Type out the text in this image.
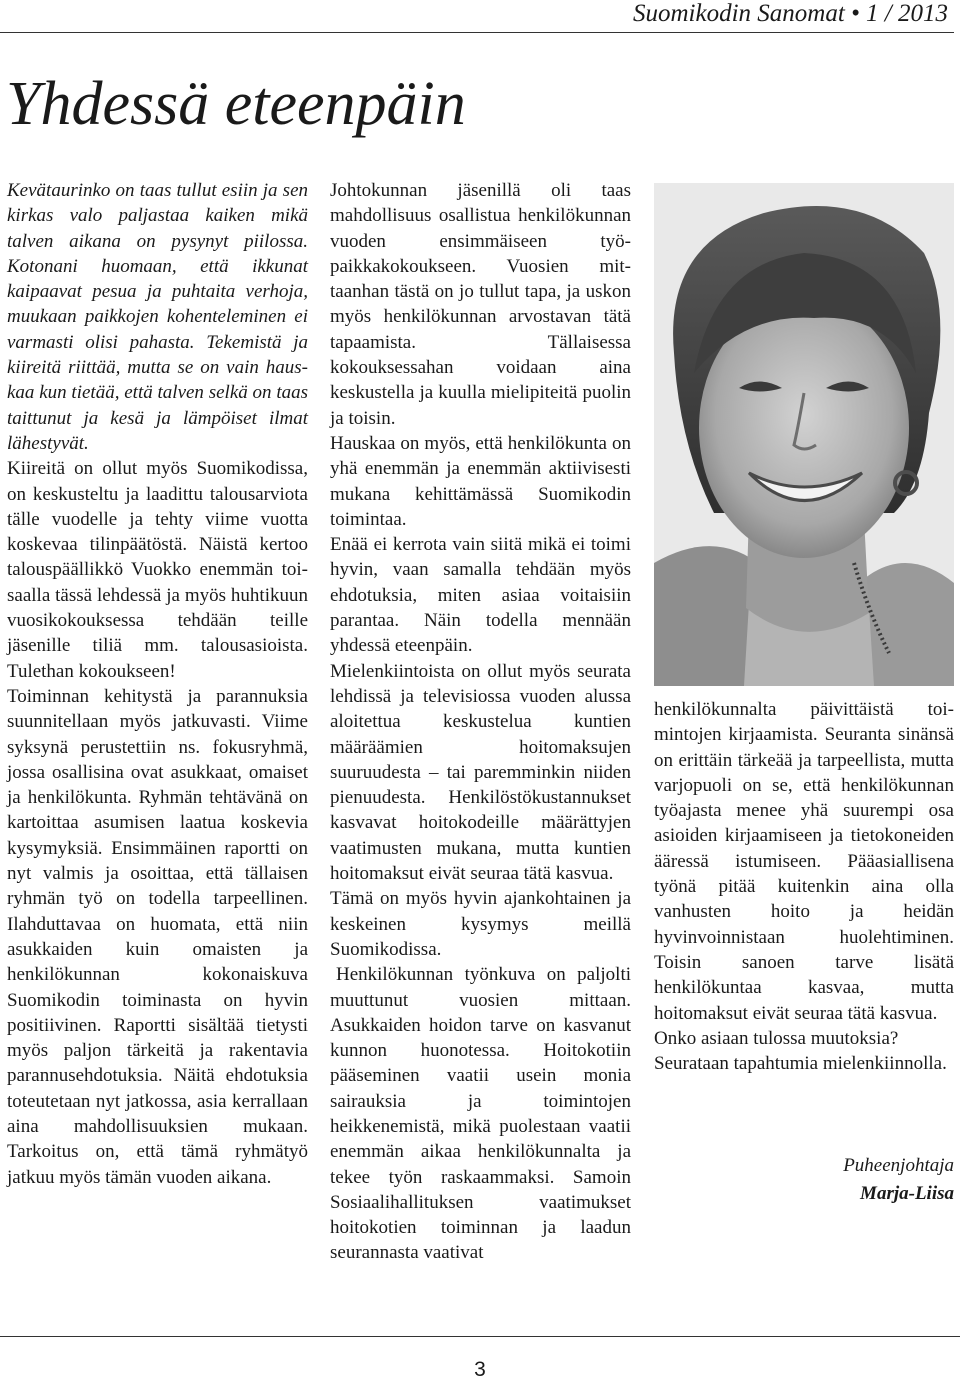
Suomikodin Sanomat • 1 / 2013
Yhdessä eteenpäin

Kevätaurinko on taas tullut esiin ja sen kirkas valo paljastaa kaiken mikä talven aikana on pysynyt piilossa. Kotonani huomaan, että ikkunat kaipaavat pesua ja puhtaita verhoja, muukaan paikkojen kohenteleminen ei varmasti olisi pahasta. Tekemistä ja kiireitä riittää, mutta se on vain hauskaa kun tietää, että talven selkä on taas taittunut ja kesä ja lämpöiset ilmat lähestyvät.

Kiireitä on ollut myös Suomikodissa, on keskusteltu ja laadittu talousarviota tälle vuodelle ja tehty viime vuotta koskevaa tilinpäätöstä. Näistä kertoo talouspäällikkö Vuokko enemmän toisaalla tässä lehdessä ja myös huhtikuun vuosikokouksessa tehdään teille jäsenille tiliä mm. talousasioista. Tulethan kokoukseen!

Toiminnan kehitystä ja parannuksia suunnitellaan myös jatkuvasti. Viime syksynä perustettiin ns. fokusryhmä, jossa osallisina ovat asukkaat, omaiset ja henkilökunta. Ryhmän tehtävänä on kartoittaa asumisen laatua koskevia kysymyksiä. Ensimmäinen raportti on nyt valmis ja osoittaa, että tällaisen ryhmän työ on todella tarpeellinen. Ilahduttavaa on huomata, että niin asukkaiden kuin omaisten ja henkilökunnan kokonaiskuva Suomikodin toiminasta on hyvin positiivinen. Raportti sisältää tietysti myös paljon tärkeitä ja rakentavia parannusehdotuksia. Näitä ehdotuksia toteutetaan nyt jatkossa, asia kerrallaan aina mahdollisuuksien mukaan. Tarkoitus on, että tämä ryhmätyö jatkuu myös tämän vuoden aikana.

Johtokunnan jäsenillä oli taas mahdollisuus osallistua henkilökunnan vuoden ensimmäiseen työpaikkakokoukseen. Vuosien mittaanhan tästä on jo tullut tapa, ja uskon myös henkilökunnan arvostavan tätä tapaamista. Tällaisessa kokouksessahan voidaan aina keskustella ja kuulla mielipiteitä puolin ja toisin.

Hauskaa on myös, että henkilökunta on yhä enemmän ja enemmän aktiivisesti mukana kehittämässä Suomikodin toimintaa.

Enää ei kerrota vain siitä mikä ei toimi hyvin, vaan samalla tehdään myös ehdotuksia, miten asiaa voitaisiin parantaa. Näin todella mennään yhdessä eteenpäin.

Mielenkiintoista on ollut myös seurata lehdissä ja televisiossa vuoden alussa aloitettua keskustelua kuntien määräämien hoitomaksujen suuruudesta – tai paremminkin niiden pienuudesta. Henkilöstökustannukset kasvavat hoitokodeille määrättyjen vaatimusten mukana, mutta kuntien hoitomaksut eivät seuraa tätä kasvua.

Tämä on myös hyvin ajankohtainen ja keskeinen kysymys meillä Suomikodissa.

Henkilökunnan työnkuva on paljolti muuttunut vuosien mittaan. Asukkaiden hoidon tarve on kasvanut kunnon huonotessa. Hoitokotiin pääseminen vaatii usein monia sairauksia ja toimintojen heikkenemistä, mikä puolestaan vaatii enemmän aikaa henkilökunnalta ja tekee työn raskaammaksi. Samoin Sosiaalihallituksen vaatimukset hoitokotien toiminnan ja laadun seurannasta vaativat

henkilökunnalta päivittäistä toimintojen kirjaamista. Seuranta sinänsä on erittäin tärkeää ja tarpeellista, mutta varjopuoli on se, että henkilökunnan työajasta menee yhä suurempi osa asioiden kirjaamiseen ja tietokoneiden ääressä istumiseen. Pääasiallisena työnä pitää kuitenkin aina olla vanhusten hoito ja heidän hyvinvoinnistaan huolehtiminen. Toisin sanoen tarve lisätä henkilökuntaa kasvaa, mutta hoitomaksut eivät seuraa tätä kasvua.

Onko asiaan tulossa muutoksia? Seurataan tapahtumia mielenkiinnolla.

Puheenjohtaja
Marja-Liisa
3
